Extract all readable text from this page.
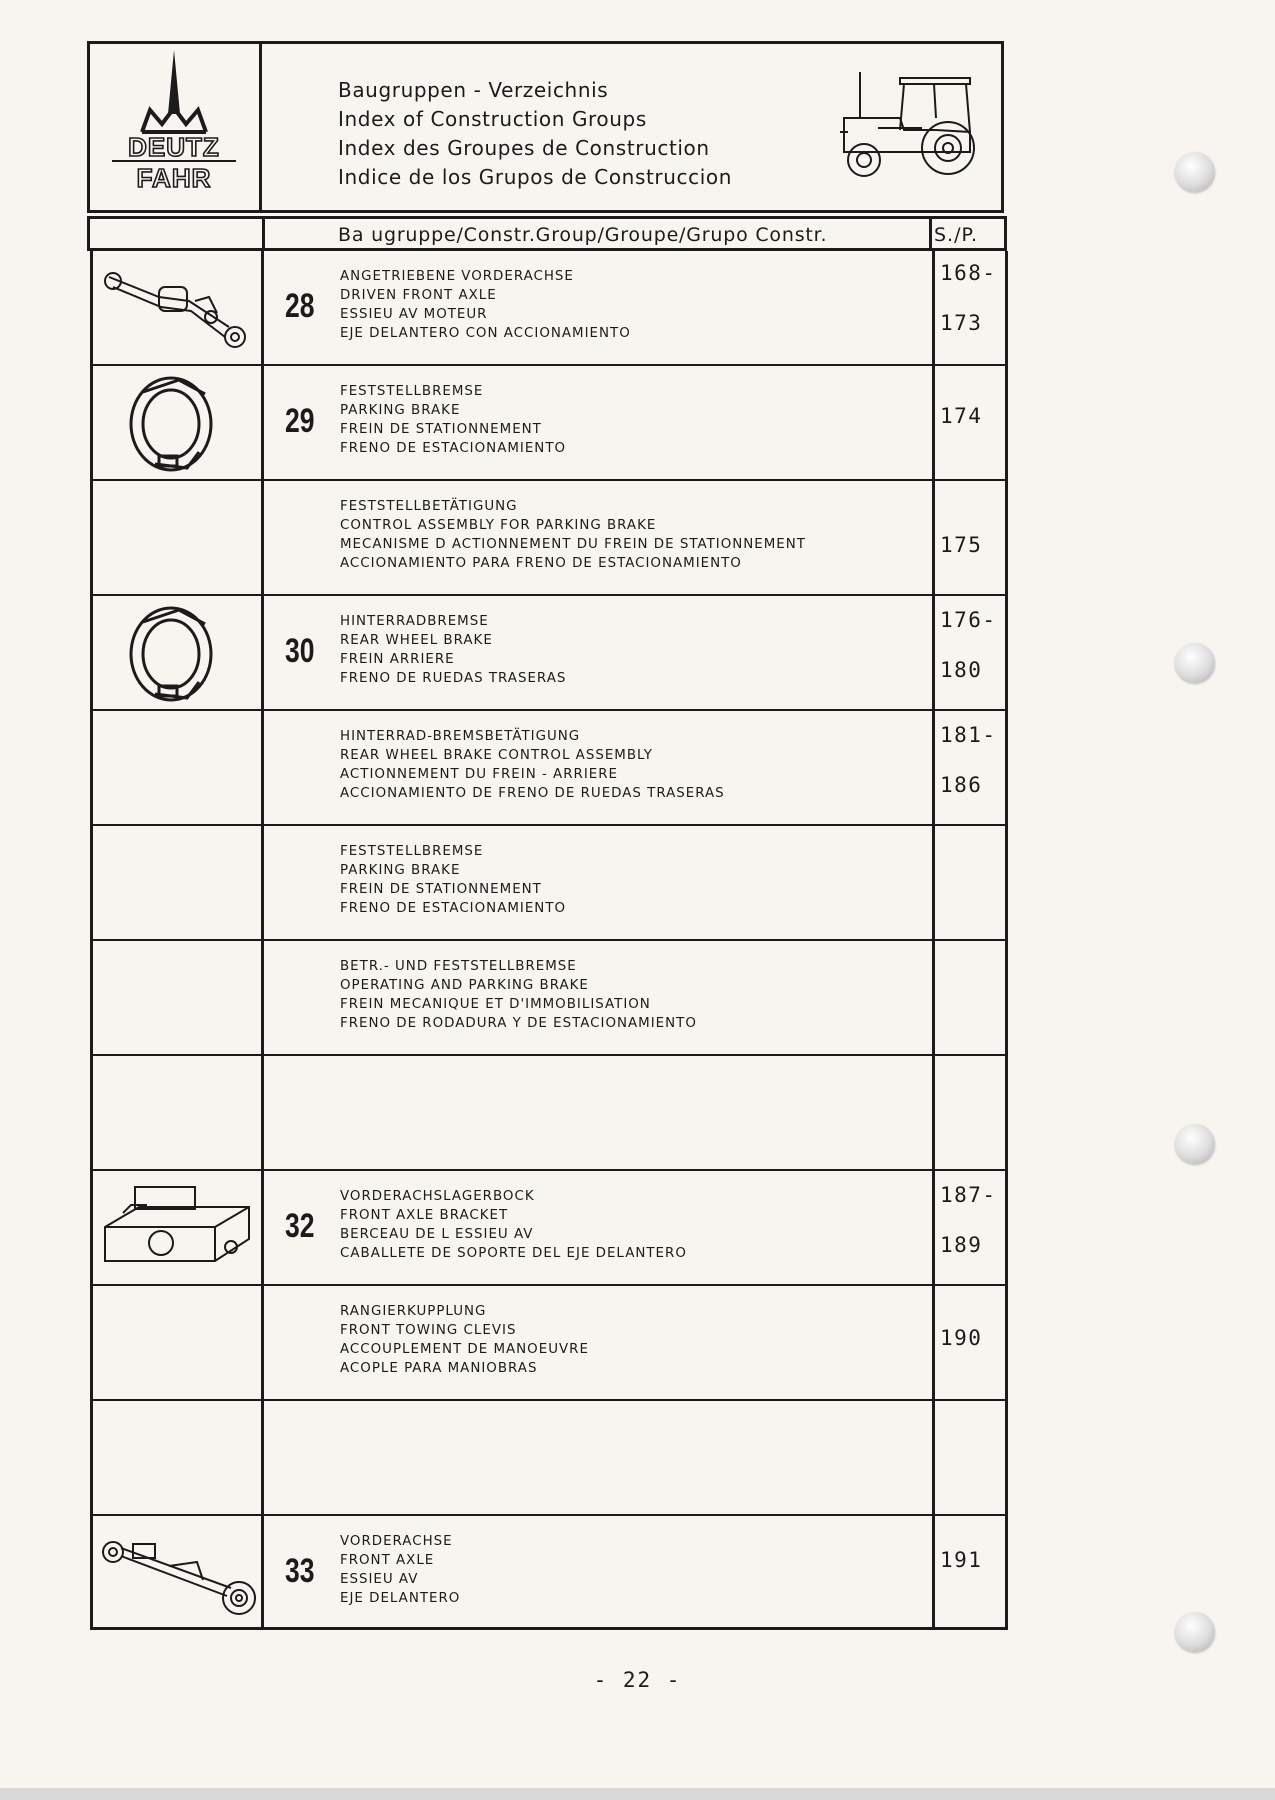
DEUTZ
FAHR
Baugruppen - Verzeichnis
Index of Construction Groups
Index des Groupes de Construction
Indice de los Grupos de Construccion
Ba ugruppe/Constr.Group/Groupe/Grupo Constr.	S./P.
28
ANGETRIEBENE VORDERACHSE
DRIVEN FRONT AXLE
ESSIEU AV MOTEUR
EJE DELANTERO CON ACCIONAMIENTO
168-
173
29
FESTSTELLBREMSE
PARKING BRAKE
FREIN DE STATIONNEMENT
FRENO DE ESTACIONAMIENTO
174
FESTSTELLBETÄTIGUNG
CONTROL ASSEMBLY FOR PARKING BRAKE
MECANISME D ACTIONNEMENT DU FREIN DE STATIONNEMENT
ACCIONAMIENTO PARA FRENO DE ESTACIONAMIENTO
175
30
HINTERRADBREMSE
REAR WHEEL BRAKE
FREIN ARRIERE
FRENO DE RUEDAS TRASERAS
176-
180
HINTERRAD-BREMSBETÄTIGUNG
REAR WHEEL BRAKE CONTROL ASSEMBLY
ACTIONNEMENT DU FREIN - ARRIERE
ACCIONAMIENTO DE FRENO DE RUEDAS TRASERAS
181-
186
FESTSTELLBREMSE
PARKING BRAKE
FREIN DE STATIONNEMENT
FRENO DE ESTACIONAMIENTO
BETR.- UND FESTSTELLBREMSE
OPERATING AND PARKING BRAKE
FREIN MECANIQUE ET D'IMMOBILISATION
FRENO DE RODADURA Y DE ESTACIONAMIENTO
32
VORDERACHSLAGERBOCK
FRONT AXLE BRACKET
BERCEAU DE L ESSIEU AV
CABALLETE DE SOPORTE DEL EJE DELANTERO
187-
189
RANGIERKUPPLUNG
FRONT TOWING CLEVIS
ACCOUPLEMENT DE MANOEUVRE
ACOPLE PARA MANIOBRAS
190
33
VORDERACHSE
FRONT AXLE
ESSIEU AV
EJE DELANTERO
191
- 22 -
